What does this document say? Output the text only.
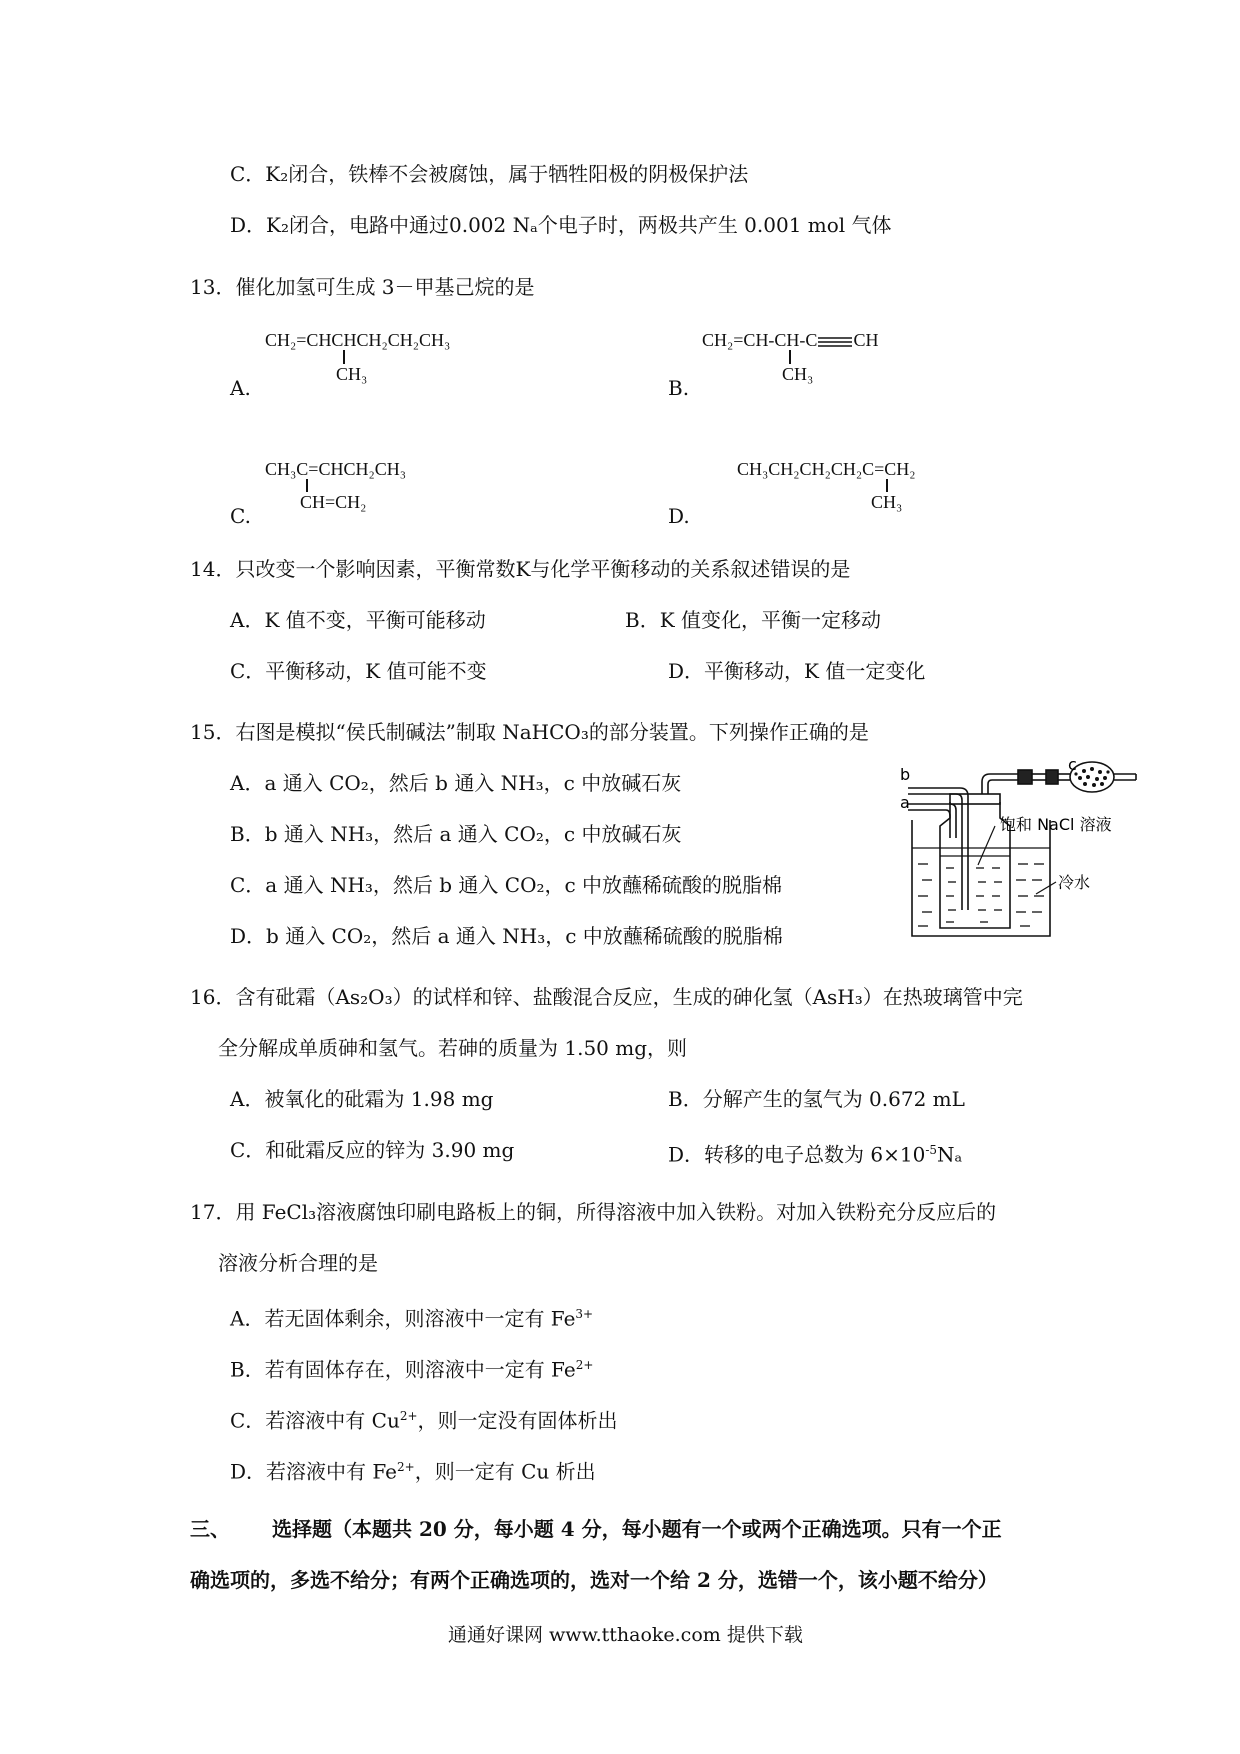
C．K₂闭合，铁棒不会被腐蚀，属于牺牲阳极的阴极保护法
D．K₂闭合，电路中通过0.002 Nₐ个电子时，两极共产生 0.001 mol 气体
13．催化加氢可生成 3－甲基己烷的是
A.
CH₂=CHCHCH₂CH₂CH₃
CH₃
B.
CH₂=CH-CH-C CH
CH₃
C.
CH₃C=CHCH₂CH₃
CH=CH₂
D.
CH₃CH₂CH₂CH₂C=CH₂
CH₃
14．只改变一个影响因素，平衡常数K与化学平衡移动的关系叙述错误的是
A．K 值不变，平衡可能移动	B．K 值变化，平衡一定移动
C．平衡移动，K 值可能不变	D．平衡移动，K 值一定变化
15．右图是模拟“侯氏制碱法”制取 NaHCO₃的部分装置。下列操作正确的是
A．a 通入 CO₂，然后 b 通入 NH₃，c 中放碱石灰
B．b 通入 NH₃，然后 a 通入 CO₂，c 中放碱石灰
C．a 通入 NH₃，然后 b 通入 CO₂，c 中放蘸稀硫酸的脱脂棉
D．b 通入 CO₂，然后 a 通入 NH₃，c 中放蘸稀硫酸的脱脂棉
b
a
c
饱和 NaCl 溶液
冷水
16．含有砒霜（As₂O₃）的试样和锌、盐酸混合反应，生成的砷化氢（AsH₃）在热玻璃管中完
全分解成单质砷和氢气。若砷的质量为 1.50 mg，则
A．被氧化的砒霜为 1.98 mg	B．分解产生的氢气为 0.672 mL
C．和砒霜反应的锌为 3.90 mg	D．转移的电子总数为 $6\times 10^{-5}N_a$
17．用 FeCl₃溶液腐蚀印刷电路板上的铜，所得溶液中加入铁粉。对加入铁粉充分反应后的
溶液分析合理的是
A．若无固体剩余，则溶液中一定有 $Fe^{3+}$
B．若有固体存在，则溶液中一定有 $Fe^{2+}$
C．若溶液中有 $Cu^{2+}$，则一定没有固体析出
D．若溶液中有 $Fe^{2+}$，则一定有 Cu 析出
三、 选择题（本题共 20 分，每小题 4 分，每小题有一个或两个正确选项。只有一个正
确选项的，多选不给分；有两个正确选项的，选对一个给 2 分，选错一个，该小题不给分）
通通好课网 www.tthaoke.com 提供下载
